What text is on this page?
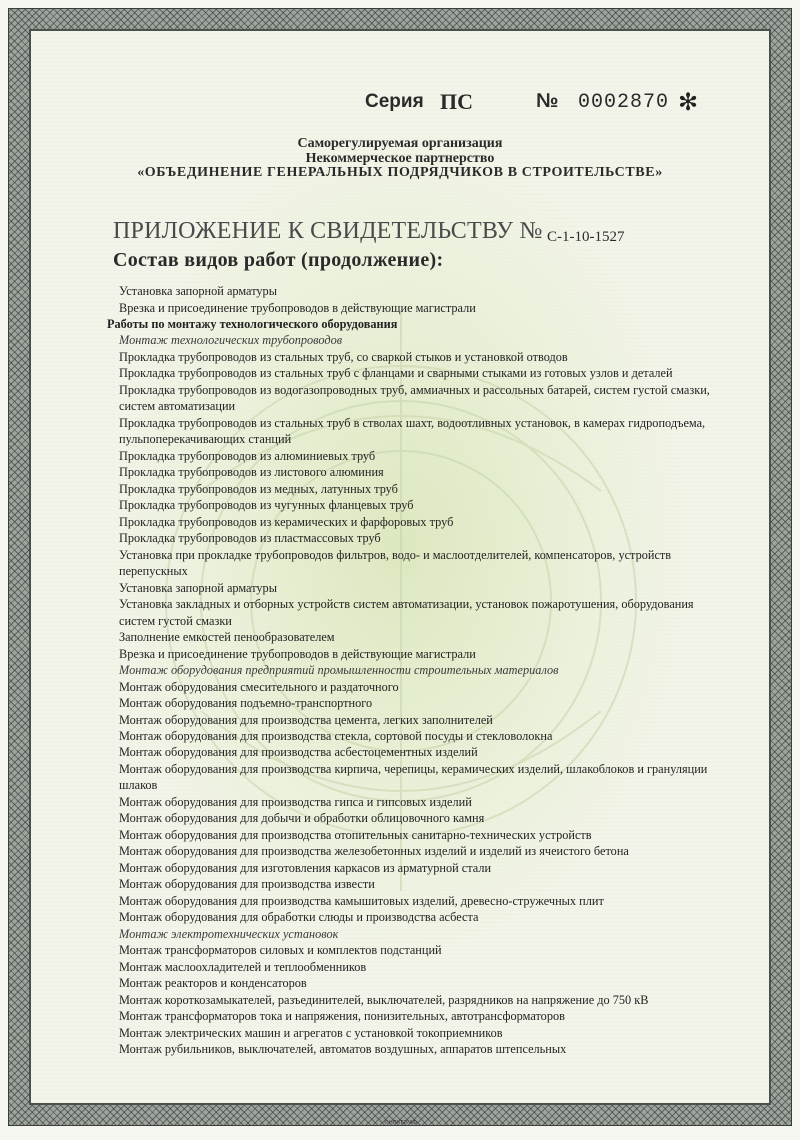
Серия ПС	№ 0002870 ✻
Саморегулируемая организация
Некоммерческое партнерство
«ОБЪЕДИНЕНИЕ ГЕНЕРАЛЬНЫХ ПОДРЯДЧИКОВ В СТРОИТЕЛЬСТВЕ»
ПРИЛОЖЕНИЕ К СВИДЕТЕЛЬСТВУ № С-1-10-1527
Состав видов работ (продолжение):
Установка запорной арматуры
Врезка и присоединение трубопроводов в действующие магистрали
Работы по монтажу технологического оборудования
Монтаж технологических трубопроводов
Прокладка трубопроводов из стальных труб, со сваркой стыков и установкой отводов
Прокладка трубопроводов из стальных труб с фланцами и сварными стыками из готовых узлов и деталей
Прокладка трубопроводов из водогазопроводных труб, аммиачных и рассольных батарей, систем густой смазки,
систем автоматизации
Прокладка трубопроводов из стальных труб в стволах шахт, водоотливных установок, в камерах гидроподъема,
пульпоперекачивающих станций
Прокладка трубопроводов из алюминиевых труб
Прокладка трубопроводов из листового алюминия
Прокладка трубопроводов из медных, латунных труб
Прокладка трубопроводов из чугунных фланцевых труб
Прокладка трубопроводов из керамических и фарфоровых труб
Прокладка трубопроводов из пластмассовых труб
Установка при прокладке трубопроводов фильтров, водо- и маслоотделителей, компенсаторов, устройств
перепускных
Установка запорной арматуры
Установка закладных и отборных устройств систем автоматизации, установок пожаротушения, оборудования
систем густой смазки
Заполнение емкостей пенообразователем
Врезка и присоединение трубопроводов в действующие магистрали
Монтаж оборудования предприятий промышленности строительных материалов
Монтаж оборудования смесительного и раздаточного
Монтаж оборудования подъемно-транспортного
Монтаж оборудования для производства цемента, легких заполнителей
Монтаж оборудования для производства стекла, сортовой посуды и стекловолокна
Монтаж оборудования для производства асбестоцементных изделий
Монтаж оборудования для производства кирпича, черепицы, керамических изделий, шлакоблоков и грануляции
шлаков
Монтаж оборудования для производства гипса и гипсовых изделий
Монтаж оборудования для добычи и обработки облицовочного камня
Монтаж оборудования для производства отопительных санитарно-технических устройств
Монтаж оборудования для производства железобетонных изделий и изделий из ячеистого бетона
Монтаж оборудования для изготовления каркасов из арматурной стали
Монтаж оборудования для производства извести
Монтаж оборудования для производства камышитовых изделий, древесно-стружечных плит
Монтаж оборудования для обработки слюды и производства асбеста
Монтаж электротехнических установок
Монтаж трансформаторов силовых и комплектов подстанций
Монтаж маслоохладителей и теплообменников
Монтаж реакторов и конденсаторов
Монтаж короткозамыкателей, разъединителей, выключателей, разрядников на напряжение до 750 кВ
Монтаж трансформаторов тока и напряжения, понизительных, автотрансформаторов
Монтаж электрических машин и агрегатов с установкой токоприемников
Монтаж рубильников, выключателей, автоматов воздушных, аппаратов штепсельных
©НПЧТ2РАФ
